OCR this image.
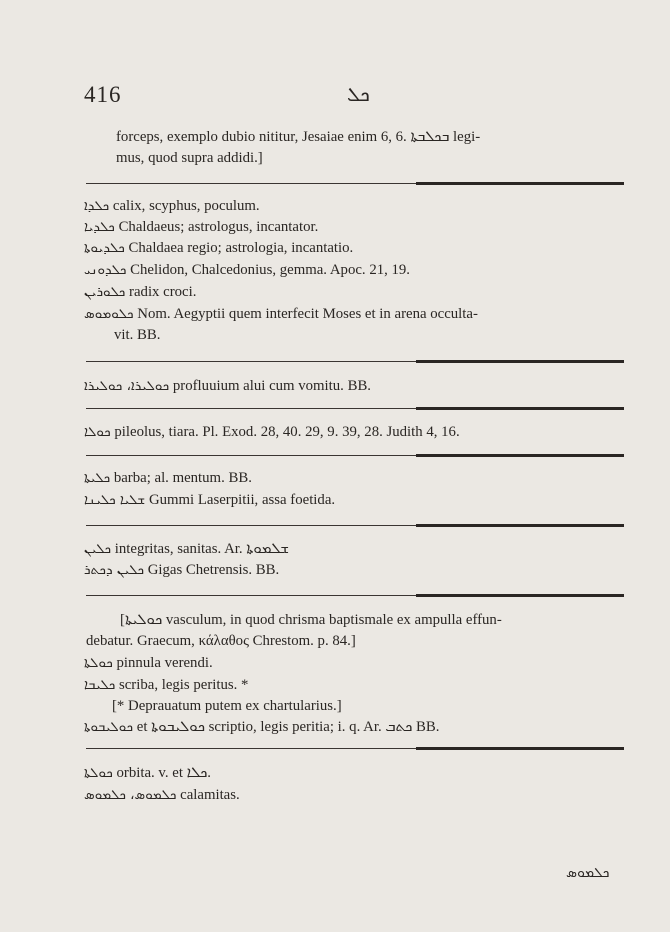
416	ܟܠ
forceps, exemplo dubio nititur, Jesaiae enim 6, 6. ܒܟܠܒܬܐ legi-
mus, quod supra addidi.]
ܟܠܕܐ calix, scyphus, poculum.
ܟܠܕܝܐ Chaldaeus; astrologus, incantator.
ܟܠܕܝܘܬܐ Chaldaea regio; astrologia, incantatio.
ܟܠܕܘܢܝ Chelidon, Chalcedonius, gemma. Apoc. 21, 19.
ܟܠܘܪܝܢ radix croci.
ܟܠܘܡܘܣ Nom. Aegyptii quem interfecit Moses et in arena occulta-
vit. BB.
ܟܘܠܝܪܐ، ܟܘܠܝܪܐ profluuium alui cum vomitu. BB.
ܟܘܠܐ pileolus, tiara. Pl. Exod. 28, 40. 29, 9. 39, 28. Judith 4, 16.
ܟܠܝܬܐ barba; al. mentum. BB.
ܫܠܝܐ ܟܠܝܢܐ Gummi Laserpitii, assa foetida.
ܟܠܝܢ integritas, sanitas. Ar. ܫܠܡܘܬܐ
ܟܠܝܢ ܕܟܬܪ Gigas Chetrensis. BB.
[ܟܘܠܝܬܐ vasculum, in quod chrisma baptismale ex ampulla effun-
debatur. Graecum, κάλαθος Chrestom. p. 84.]
ܟܘܠܬܐ pinnula verendi.
ܟܠܝܒܐ scriba, legis peritus. *
[* Deprauatum putem ex chartularius.]
ܟܘܠܝܒܘܬܐ et ܟܘܠܝܒܘܬܐ scriptio, legis peritia; i. q. Ar. ܟܬܒ BB.
ܟܘܠܬܐ orbita. v. et ܟܠܐ.
ܟܠܡܘܣ، ܟܠܡܘܣ calamitas.
ܟܠܡܘܣ
